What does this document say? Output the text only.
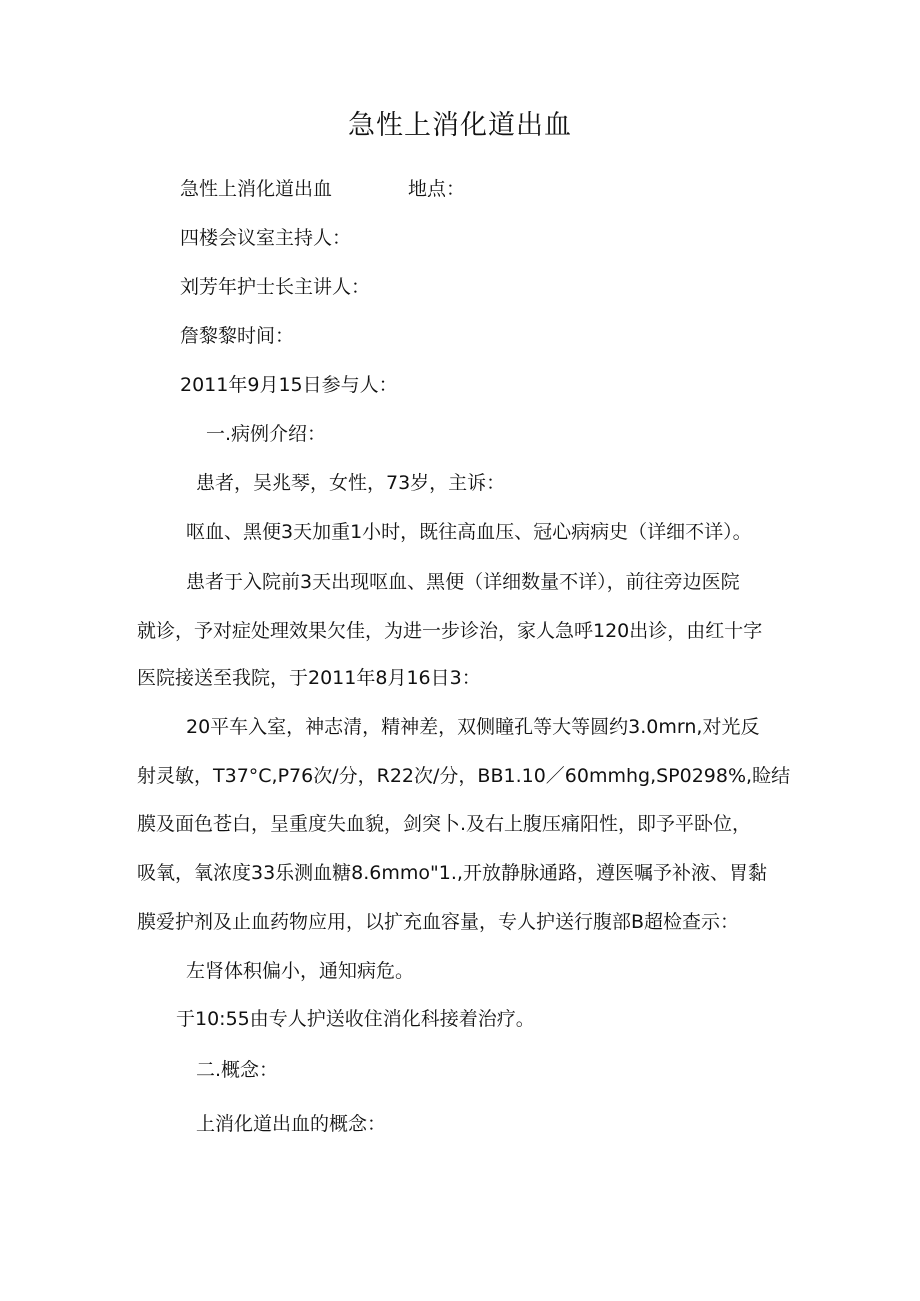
急性上消化道出血
急性上消化道出血	地点：
四楼会议室主持人：
刘芳年护士长主讲人：
詹黎黎时间：
2011年9月15日参与人：
一.病例介绍：
患者，吴兆琴，女性，73岁，主诉：
呕血、黑便3天加重1小时，既往高血压、冠心病病史（详细不详）。
患者于入院前3天出现呕血、黑便（详细数量不详），前往旁边医院
就诊，予对症处理效果欠佳，为进一步诊治，家人急呼120出诊，由红十字
医院接送至我院，于2011年8月16日3：
20平车入室，神志清，精神差，双侧瞳孔等大等圆约3.0mrn,对光反
射灵敏，T37°C,P76次/分，R22次/分，BB1.10／60mmhg,SP0298%,睑结
膜及面色苍白，呈重度失血貌，剑突卜.及右上腹压痛阳性，即予平卧位，
吸氧，氧浓度33乐测血糖8.6mmo"1.,开放静脉通路，遵医嘱予补液、胃黏
膜爱护剂及止血药物应用，以扩充血容量，专人护送行腹部B超检查示：
左肾体积偏小，通知病危。
于10:55由专人护送收住消化科接着治疗。
二.概念：
上消化道出血的概念：
